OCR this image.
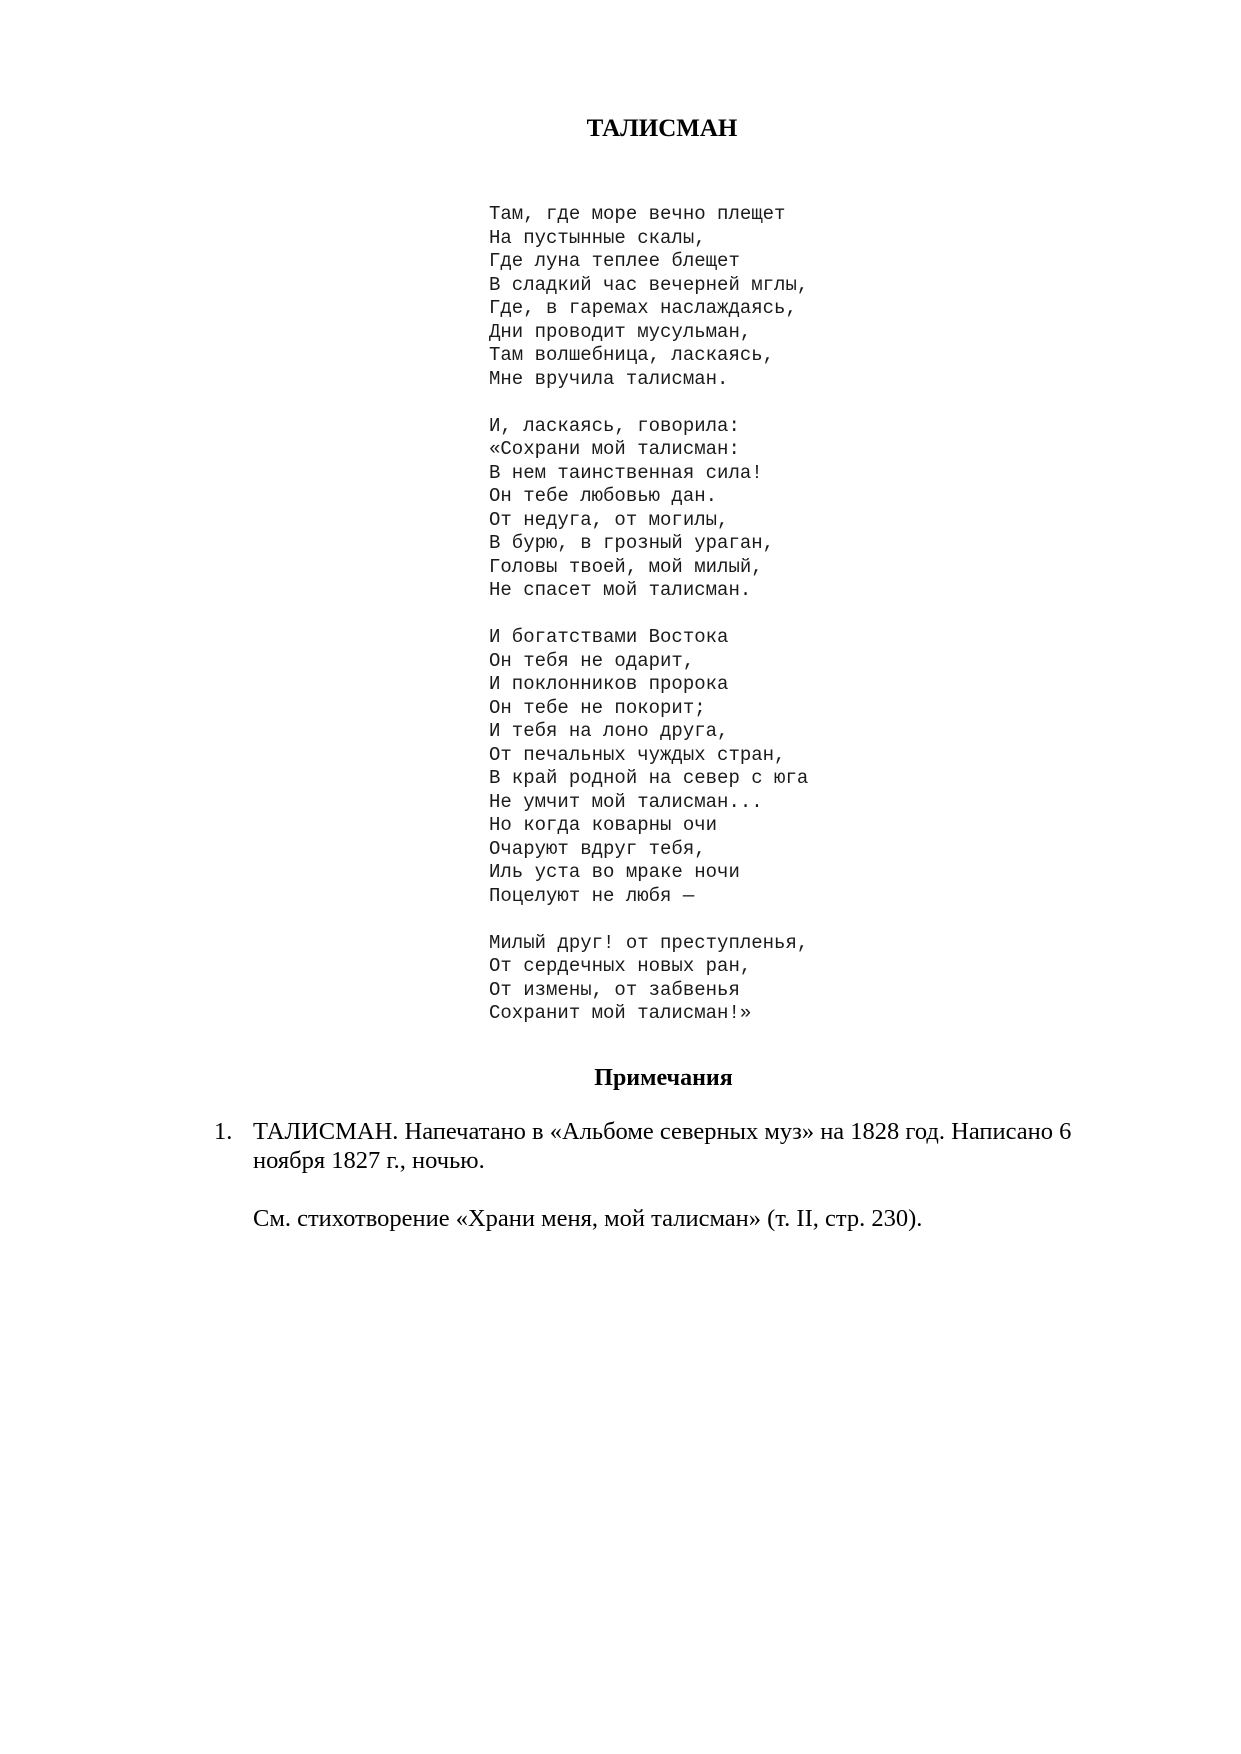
ТАЛИСМАН
Там, где море вечно плещет
На пустынные скалы,
Где луна теплее блещет
В сладкий час вечерней мглы,
Где, в гаремах наслаждаясь,
Дни проводит мусульман,
Там волшебница, ласкаясь,
Мне вручила талисман.
И, ласкаясь, говорила:
«Сохрани мой талисман:
В нем таинственная сила!
Он тебе любовью дан.
От недуга, от могилы,
В бурю, в грозный ураган,
Головы твоей, мой милый,
Не спасет мой талисман.
И богатствами Востока
Он тебя не одарит,
И поклонников пророка
Он тебе не покорит;
И тебя на лоно друга,
От печальных чуждых стран,
В край родной на север с юга
Не умчит мой талисман...
Но когда коварны очи
Очаруют вдруг тебя,
Иль уста во мраке ночи
Поцелуют не любя —
Милый друг! от преступленья,
От сердечных новых ран,
От измены, от забвенья
Сохранит мой талисман!»
Примечания
1. ТАЛИСМАН. Напечатано в «Альбоме северных муз» на 1828 год. Написано 6 ноября 1827 г., ночью.

См. стихотворение «Храни меня, мой талисман» (т. II, стр. 230).
